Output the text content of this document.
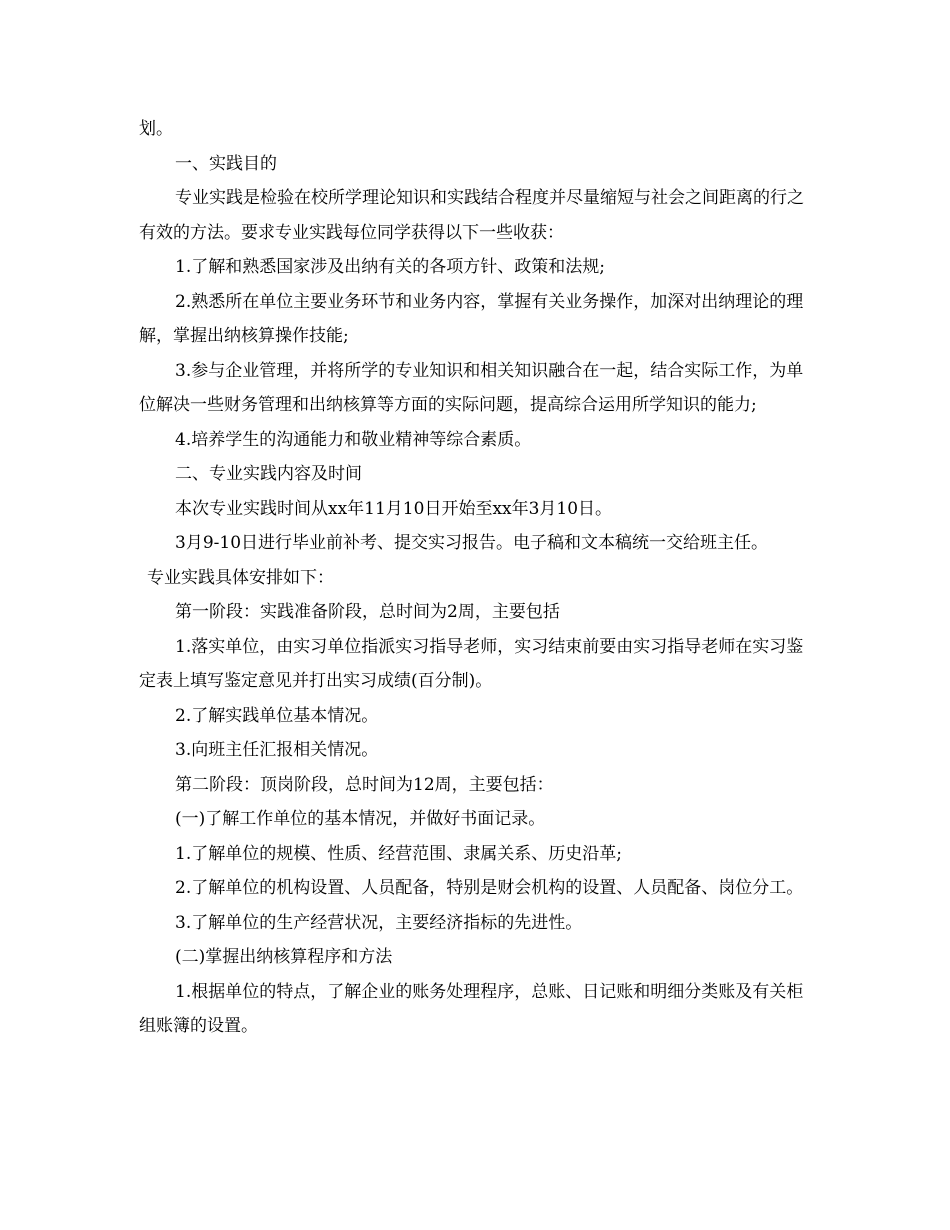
划。

一、实践目的

专业实践是检验在校所学理论知识和实践结合程度并尽量缩短与社会之间距离的行之有效的方法。要求专业实践每位同学获得以下一些收获：

1.了解和熟悉国家涉及出纳有关的各项方针、政策和法规;

2.熟悉所在单位主要业务环节和业务内容，掌握有关业务操作，加深对出纳理论的理解，掌握出纳核算操作技能;

3.参与企业管理，并将所学的专业知识和相关知识融合在一起，结合实际工作，为单位解决一些财务管理和出纳核算等方面的实际问题，提高综合运用所学知识的能力;

4.培养学生的沟通能力和敬业精神等综合素质。

二、专业实践内容及时间

本次专业实践时间从xx年11月10日开始至xx年3月10日。

3月9-10日进行毕业前补考、提交实习报告。电子稿和文本稿统一交给班主任。

专业实践具体安排如下：

第一阶段：实践准备阶段，总时间为2周，主要包括

1.落实单位，由实习单位指派实习指导老师，实习结束前要由实习指导老师在实习鉴定表上填写鉴定意见并打出实习成绩(百分制)。

2.了解实践单位基本情况。

3.向班主任汇报相关情况。

第二阶段：顶岗阶段，总时间为12周，主要包括：

(一)了解工作单位的基本情况，并做好书面记录。

1.了解单位的规模、性质、经营范围、隶属关系、历史沿革;

2.了解单位的机构设置、人员配备，特别是财会机构的设置、人员配备、岗位分工。

3.了解单位的生产经营状况，主要经济指标的先进性。

(二)掌握出纳核算程序和方法

1.根据单位的特点，了解企业的账务处理程序，总账、日记账和明细分类账及有关柜组账簿的设置。
